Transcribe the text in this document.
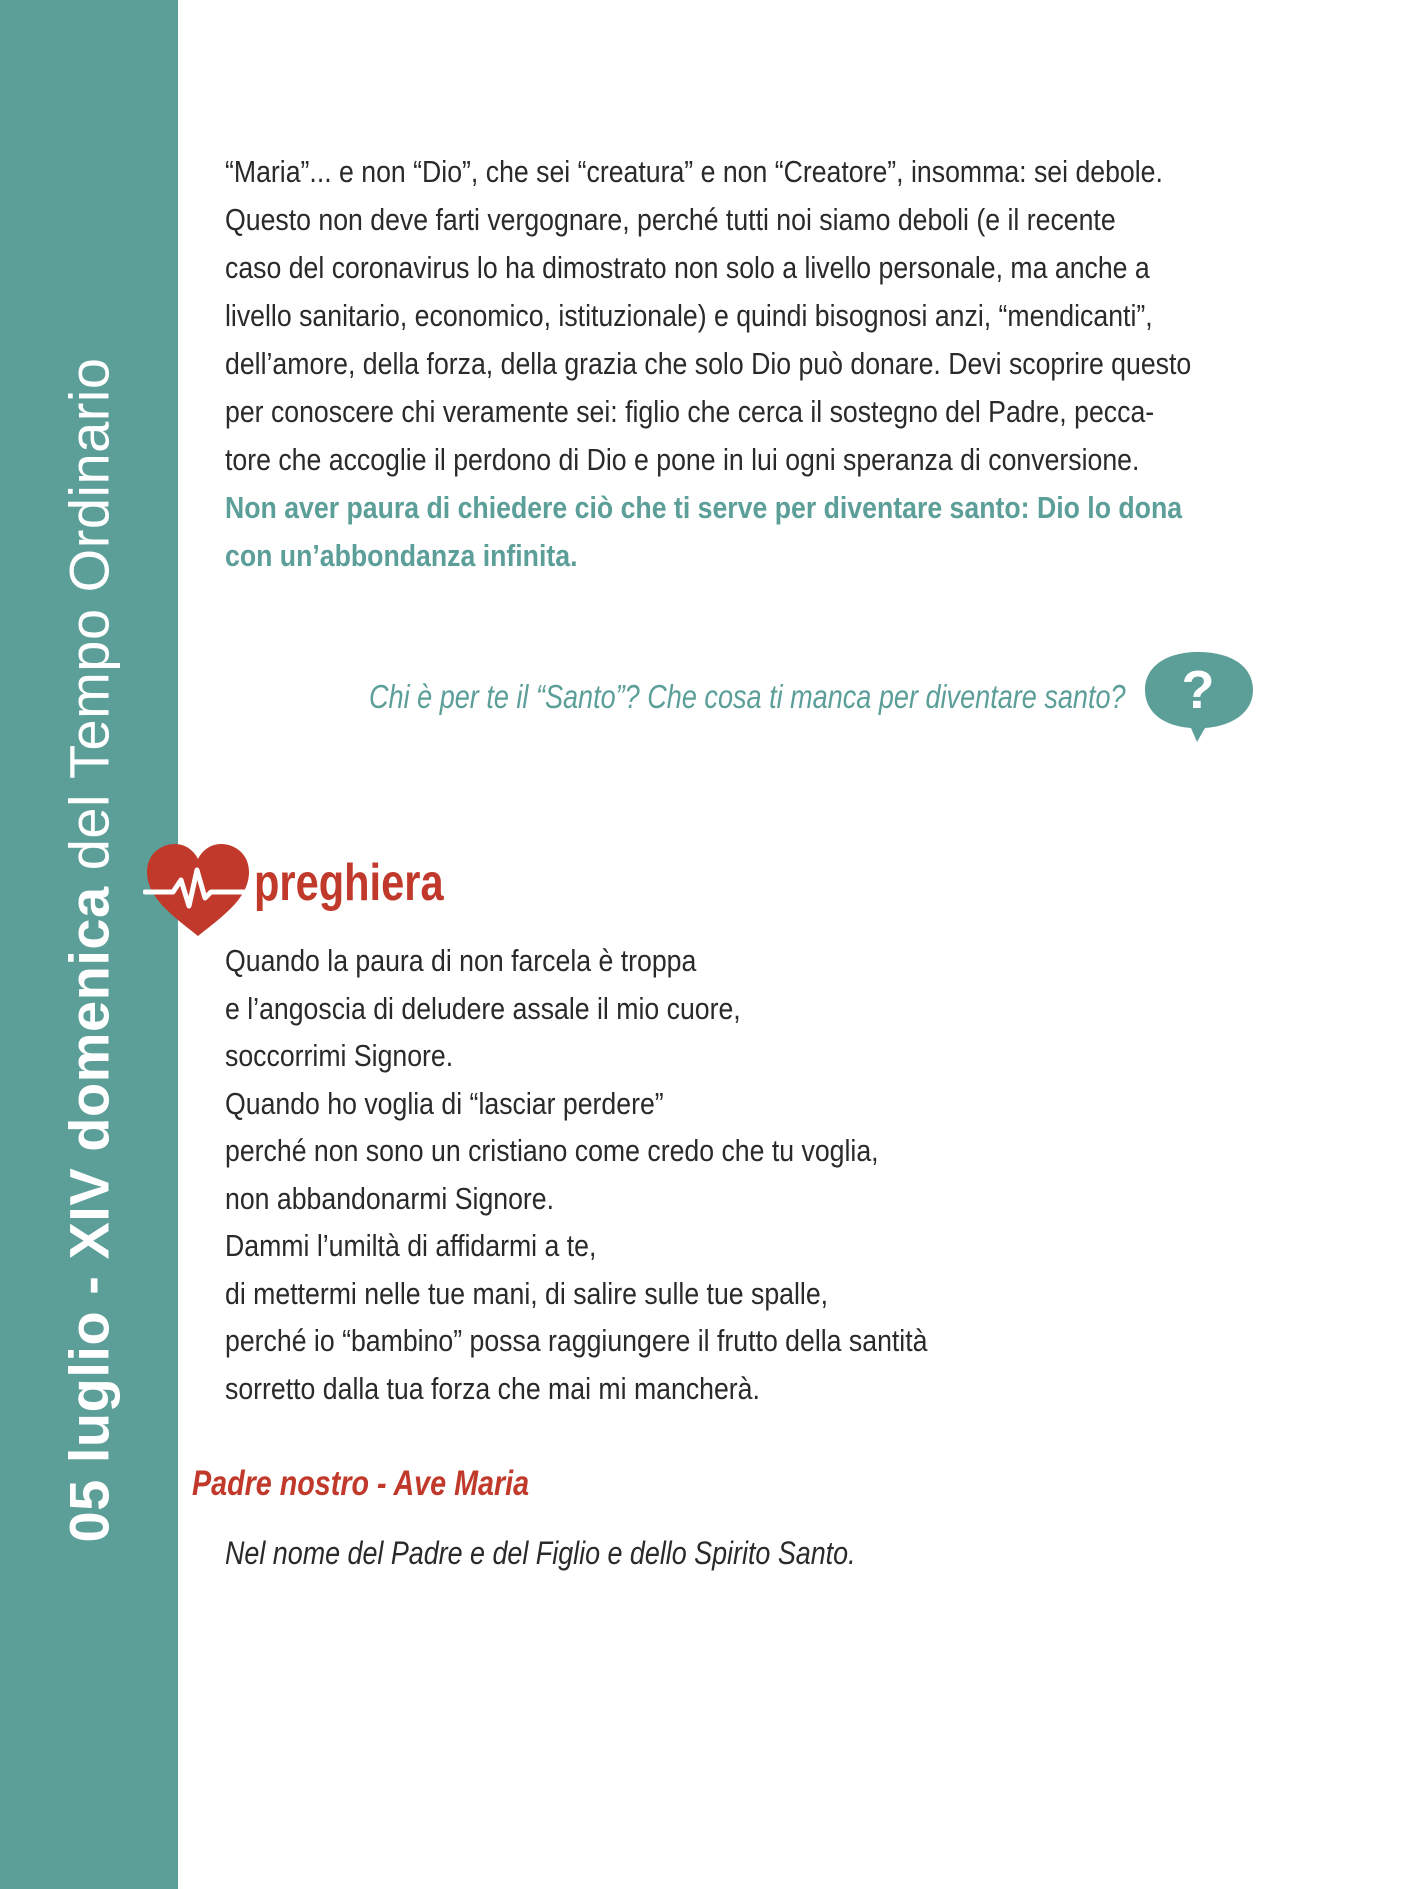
05 luglio - XIV domenica del Tempo Ordinario
“Maria”... e non “Dio”, che sei “creatura” e non “Creatore”, insomma: sei debole.
Questo non deve farti vergognare, perché tutti noi siamo deboli (e il recente
caso del coronavirus lo ha dimostrato non solo a livello personale, ma anche a
livello sanitario, economico, istituzionale) e quindi bisognosi anzi, “mendicanti”,
dell’amore, della forza, della grazia che solo Dio può donare. Devi scoprire questo
per conoscere chi veramente sei: figlio che cerca il sostegno del Padre, pecca-
tore che accoglie il perdono di Dio e pone in lui ogni speranza di conversione.
Non aver paura di chiedere ciò che ti serve per diventare santo: Dio lo dona
con un’abbondanza infinita.
Chi è per te il “Santo”? Che cosa ti manca per diventare santo? ?
preghiera
Quando la paura di non farcela è troppa
e l’angoscia di deludere assale il mio cuore,
soccorrimi Signore.
Quando ho voglia di “lasciar perdere”
perché non sono un cristiano come credo che tu voglia,
non abbandonarmi Signore.
Dammi l’umiltà di affidarmi a te,
di mettermi nelle tue mani, di salire sulle tue spalle,
perché io “bambino” possa raggiungere il frutto della santità
sorretto dalla tua forza che mai mi mancherà.
Padre nostro - Ave Maria

Nel nome del Padre e del Figlio e dello Spirito Santo.
